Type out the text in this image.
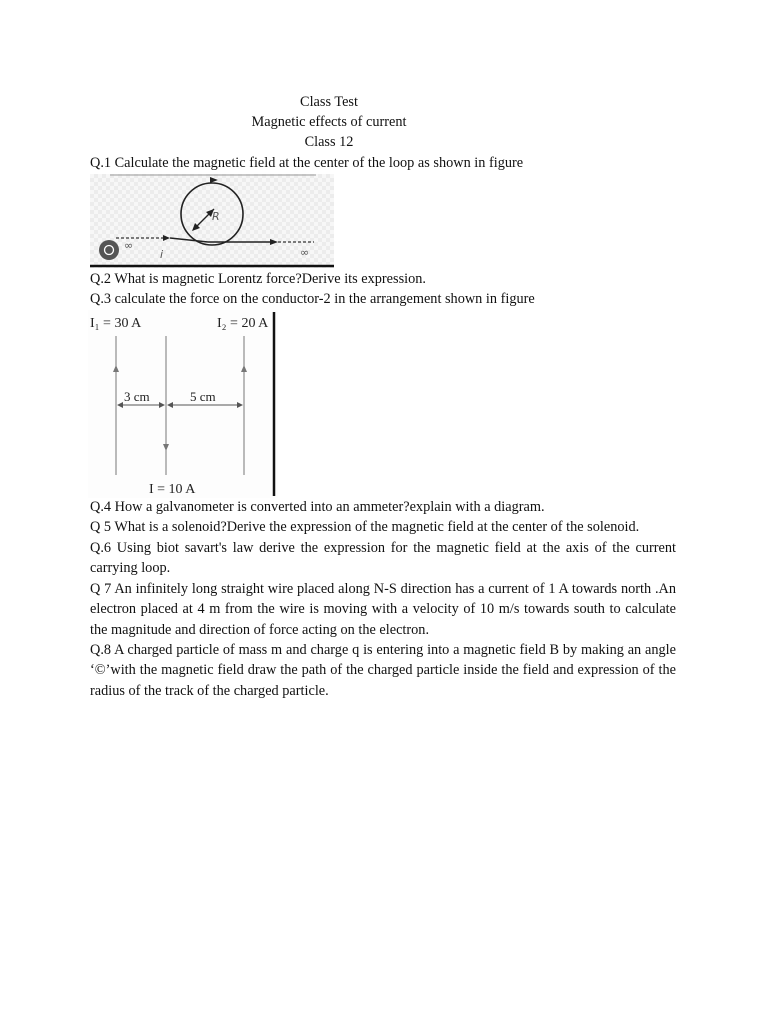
Class Test
Magnetic effects of current
Class 12
Q.1 Calculate the magnetic field at the center of the loop as shown in figure
R
∞
∞
i
Q.2 What is magnetic Lorentz force?Derive its expression.
Q.3 calculate the force on the conductor-2 in the arrangement shown in figure
I₁ = 30 A	I₂ = 20 A
3 cm	5 cm
I = 10 A
Q.4 How a galvanometer is converted into an ammeter?explain with a diagram.
Q 5 What is a solenoid?Derive the expression of the magnetic field at the center of the solenoid.
Q.6 Using biot savart's law derive the expression for the magnetic field at the axis of the current carrying loop.
Q 7 An infinitely long straight wire placed along N-S direction has a current of 1 A towards north .An electron placed at 4 m from the wire is moving with a velocity of 10 m/s towards south to calculate the magnitude and direction of force acting on the electron.
Q.8 A charged particle of mass m and charge q is entering into a magnetic field B by making an angle ‘©’with the magnetic field draw the path of the charged particle inside the field and expression of the radius of the track of the charged particle.
